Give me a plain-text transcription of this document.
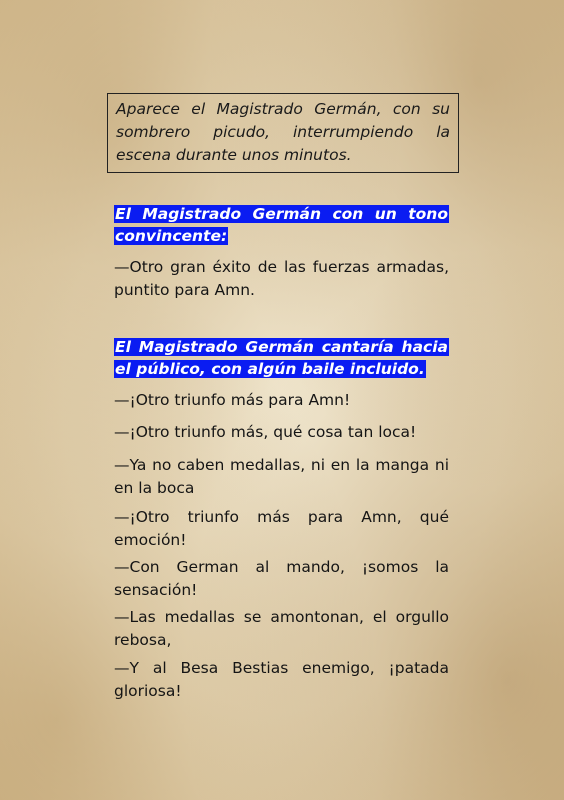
Aparece el Magistrado Germán, con su sombrero picudo, interrumpiendo la escena durante unos minutos.
El Magistrado Germán con un tono convincente:
—Otro gran éxito de las fuerzas armadas, puntito para Amn.
El Magistrado Germán cantaría hacia el público, con algún baile incluido.
—¡Otro triunfo más para Amn!
—¡Otro triunfo más, qué cosa tan loca!
—Ya no caben medallas, ni en la manga ni en la boca
—¡Otro triunfo más para Amn, qué emoción!
—Con German al mando, ¡somos la sensación!
—Las medallas se amontonan, el orgullo rebosa,
—Y al Besa Bestias enemigo, ¡patada gloriosa!
